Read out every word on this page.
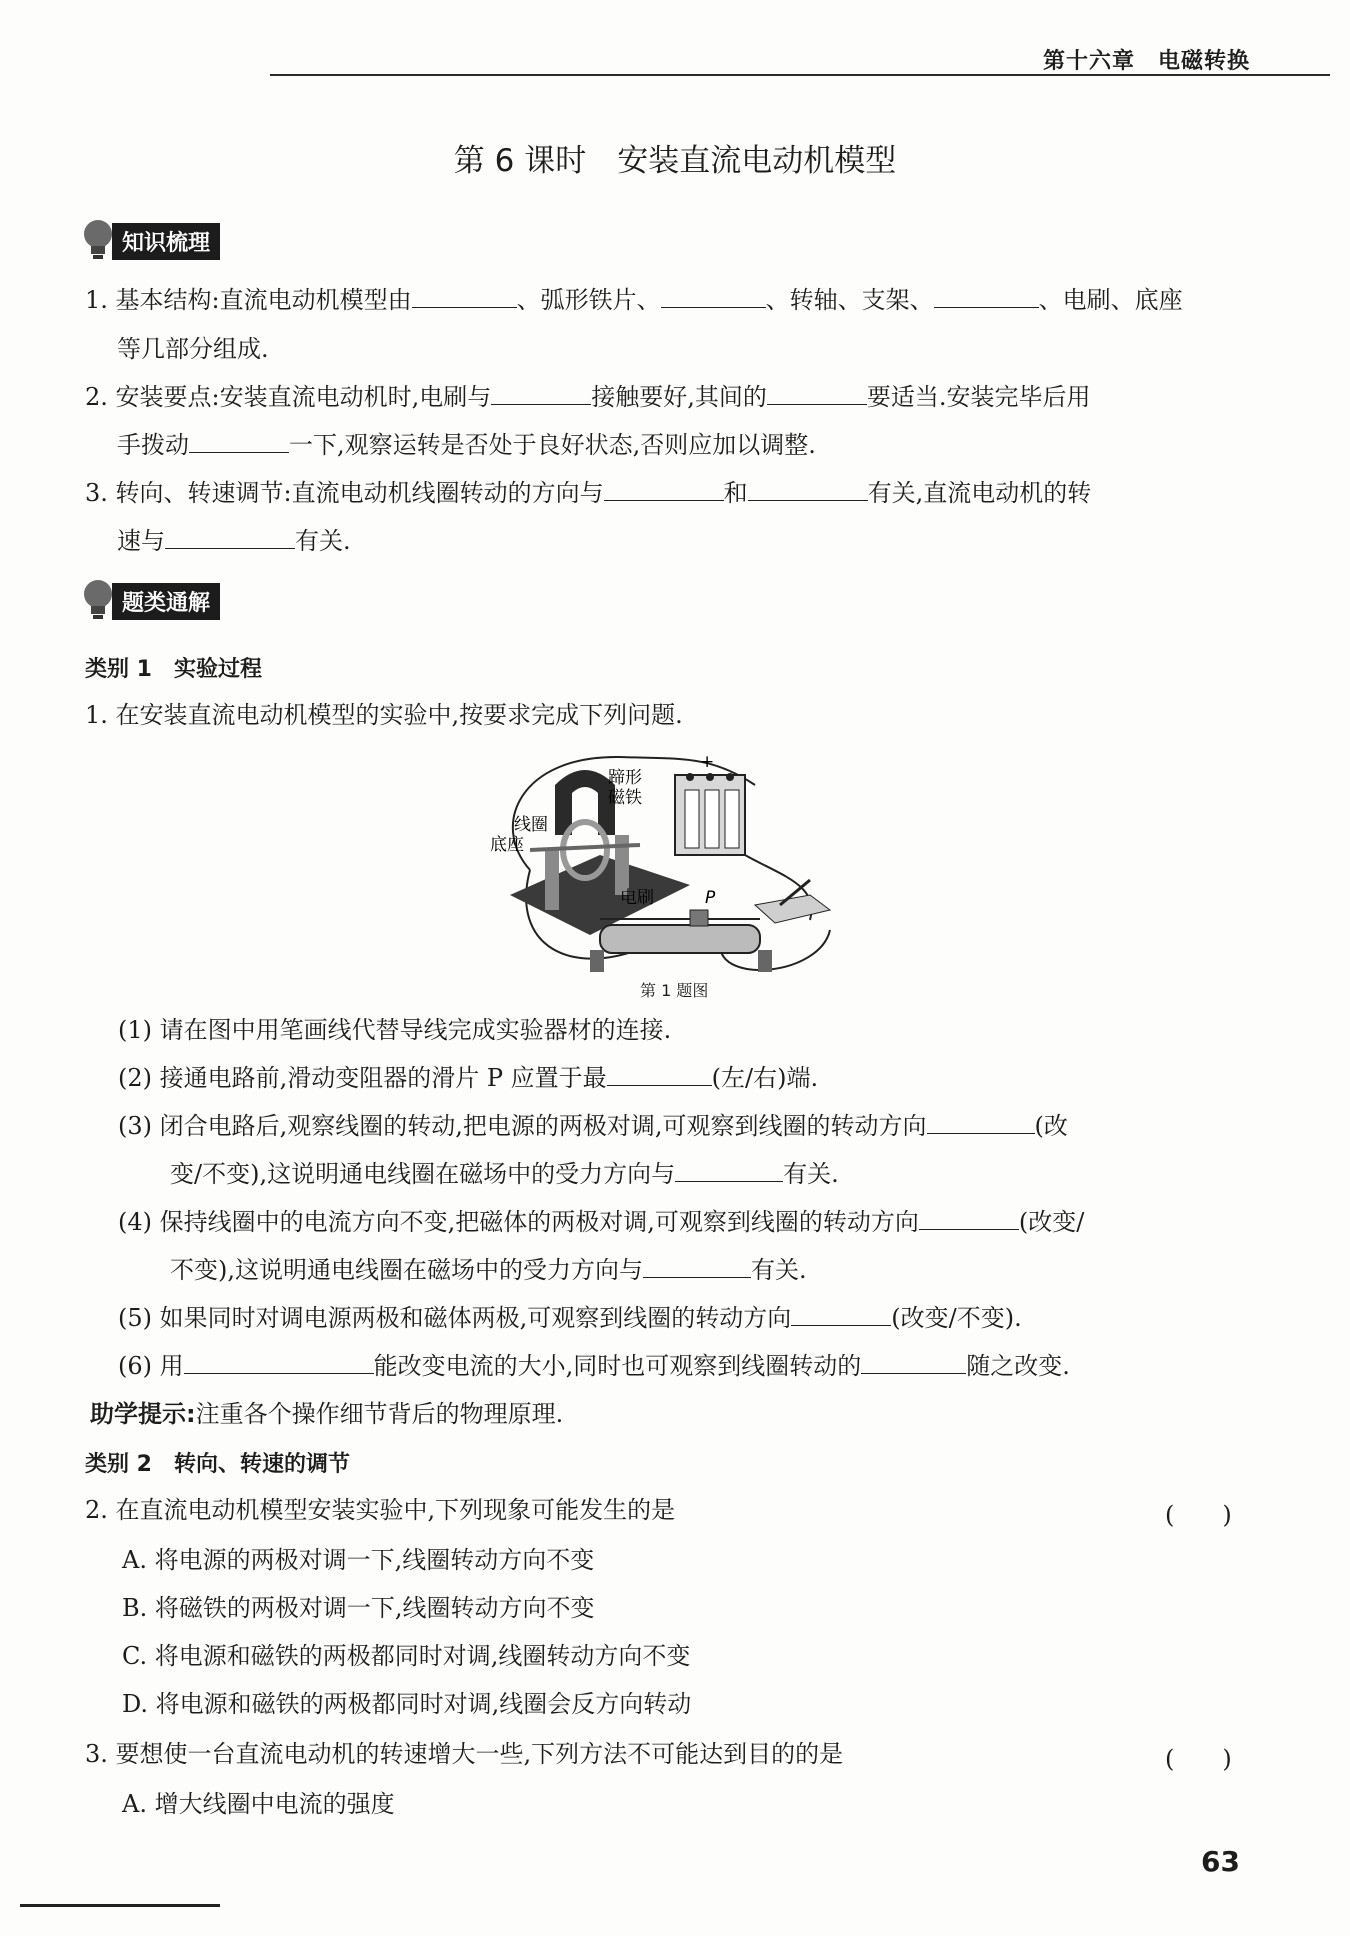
第十六章　电磁转换
第 6 课时　安装直流电动机模型
知识梳理
1. 基本结构:直流电动机模型由	、弧形铁片、	、转轴、支架、	、电刷、底座
等几部分组成.
2. 安装要点:安装直流电动机时,电刷与	接触要好,其间的	要适当.安装完毕后用
手拨动	一下,观察运转是否处于良好状态,否则应加以调整.
3. 转向、转速调节:直流电动机线圈转动的方向与	和	有关,直流电动机的转
速与	有关.
题类通解
类别 1　实验过程
1. 在安装直流电动机模型的实验中,按要求完成下列问题.
蹄形
磁铁
线圈
底座
电刷	P
+
第 1 题图
(1) 请在图中用笔画线代替导线完成实验器材的连接.
(2) 接通电路前,滑动变阻器的滑片 P 应置于最	(左/右)端.
(3) 闭合电路后,观察线圈的转动,把电源的两极对调,可观察到线圈的转动方向	(改
变/不变),这说明通电线圈在磁场中的受力方向与	有关.
(4) 保持线圈中的电流方向不变,把磁体的两极对调,可观察到线圈的转动方向	(改变/
不变),这说明通电线圈在磁场中的受力方向与	有关.
(5) 如果同时对调电源两极和磁体两极,可观察到线圈的转动方向	(改变/不变).
(6) 用	能改变电流的大小,同时也可观察到线圈转动的	随之改变.
助学提示:注重各个操作细节背后的物理原理.
类别 2　转向、转速的调节
2. 在直流电动机模型安装实验中,下列现象可能发生的是	(　　)
A. 将电源的两极对调一下,线圈转动方向不变
B. 将磁铁的两极对调一下,线圈转动方向不变
C. 将电源和磁铁的两极都同时对调,线圈转动方向不变
D. 将电源和磁铁的两极都同时对调,线圈会反方向转动
3. 要想使一台直流电动机的转速增大一些,下列方法不可能达到目的的是	(　　)
A. 增大线圈中电流的强度
63
